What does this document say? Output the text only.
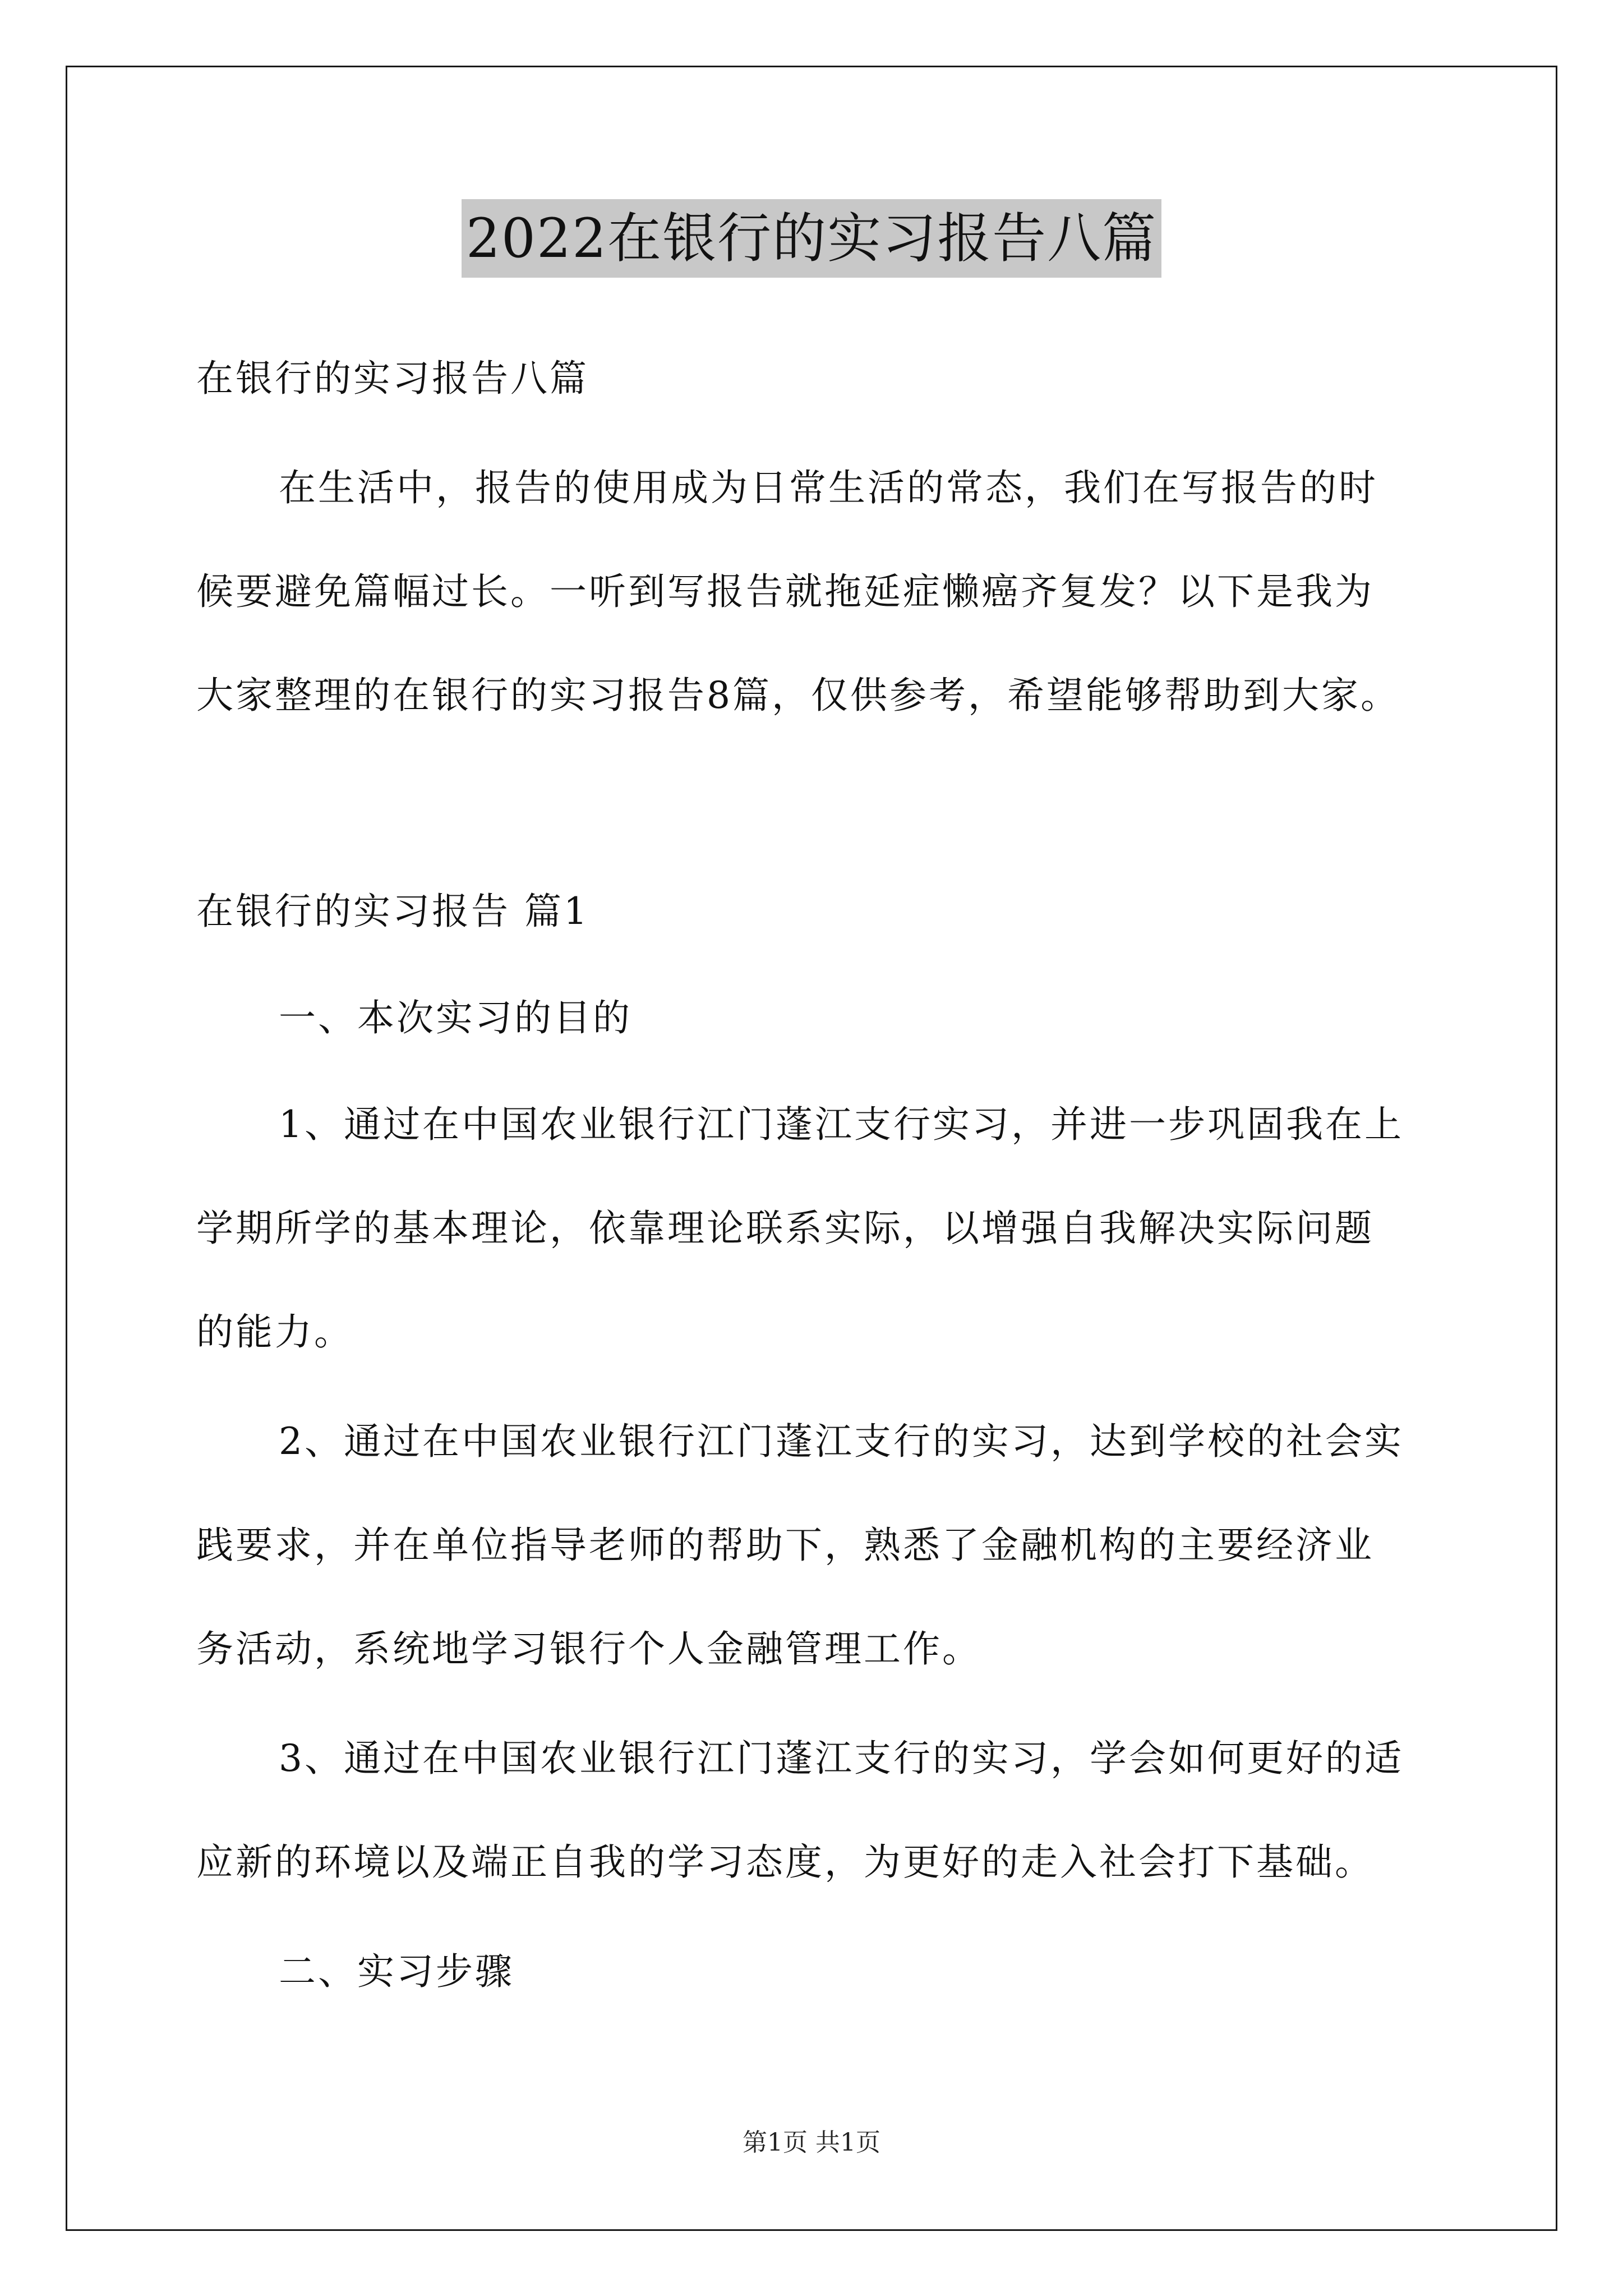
2022在银行的实习报告八篇
在银行的实习报告八篇
在生活中，报告的使用成为日常生活的常态，我们在写报告的时
候要避免篇幅过长。一听到写报告就拖延症懒癌齐复发？以下是我为
大家整理的在银行的实习报告8篇，仅供参考，希望能够帮助到大家。
在银行的实习报告 篇1
一、本次实习的目的
1、通过在中国农业银行江门蓬江支行实习，并进一步巩固我在上
学期所学的基本理论，依靠理论联系实际，以增强自我解决实际问题
的能力。
2、通过在中国农业银行江门蓬江支行的实习，达到学校的社会实
践要求，并在单位指导老师的帮助下，熟悉了金融机构的主要经济业
务活动，系统地学习银行个人金融管理工作。
3、通过在中国农业银行江门蓬江支行的实习，学会如何更好的适
应新的环境以及端正自我的学习态度，为更好的走入社会打下基础。
二、实习步骤
第1页 共1页
